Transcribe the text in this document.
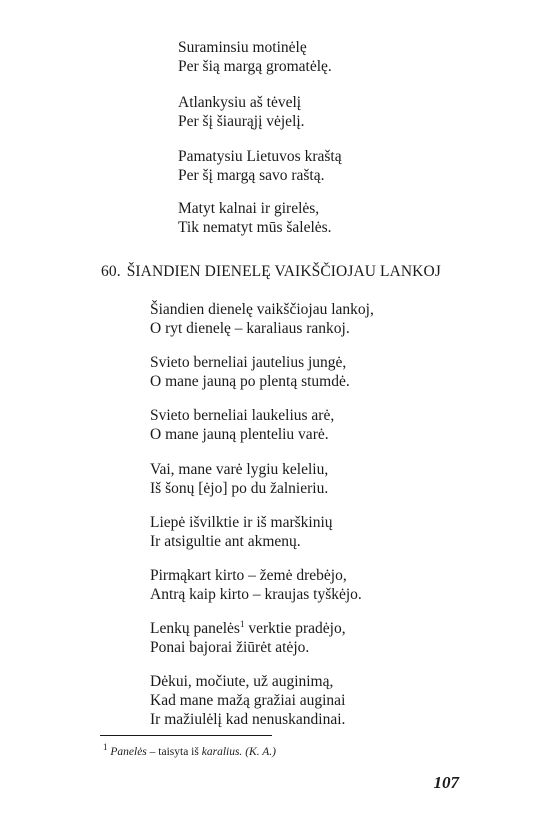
Suraminsiu motinėlę
Per šią margą gromatėlę.
Atlankysiu aš tėvelį
Per šį šiaurąjį vėjelį.
Pamatysiu Lietuvos kraštą
Per šį margą savo raštą.
Matyt kalnai ir girelės,
Tik nematyt mūs šalelės.
60. ŠIANDIEN DIENELĘ VAIKŠČIOJAU LANKOJ
Šiandien dienelę vaikščiojau lankoj,
O ryt dienelę – karaliaus rankoj.
Svieto berneliai jautelius jungė,
O mane jauną po plentą stumdė.
Svieto berneliai laukelius arė,
O mane jauną plenteliu varė.
Vai, mane varė lygiu keleliu,
Iš šonų [ėjo] po du žalnieriu.
Liepė išvilktie ir iš marškinių
Ir atsigultie ant akmenų.
Pirmąkart kirto – žemė drebėjo,
Antrą kaip kirto – kraujas tyškėjo.
Lenkų panelės$^1$ verktie pradėjo,
Ponai bajorai žiūrėt atėjo.
Dėkui, močiute, už auginimą,
Kad mane mažą gražiai auginai
Ir mažiulėlį kad nenuskandinai.
$^1$ Panelės – taisyta iš karalius. (K. A.)
107
